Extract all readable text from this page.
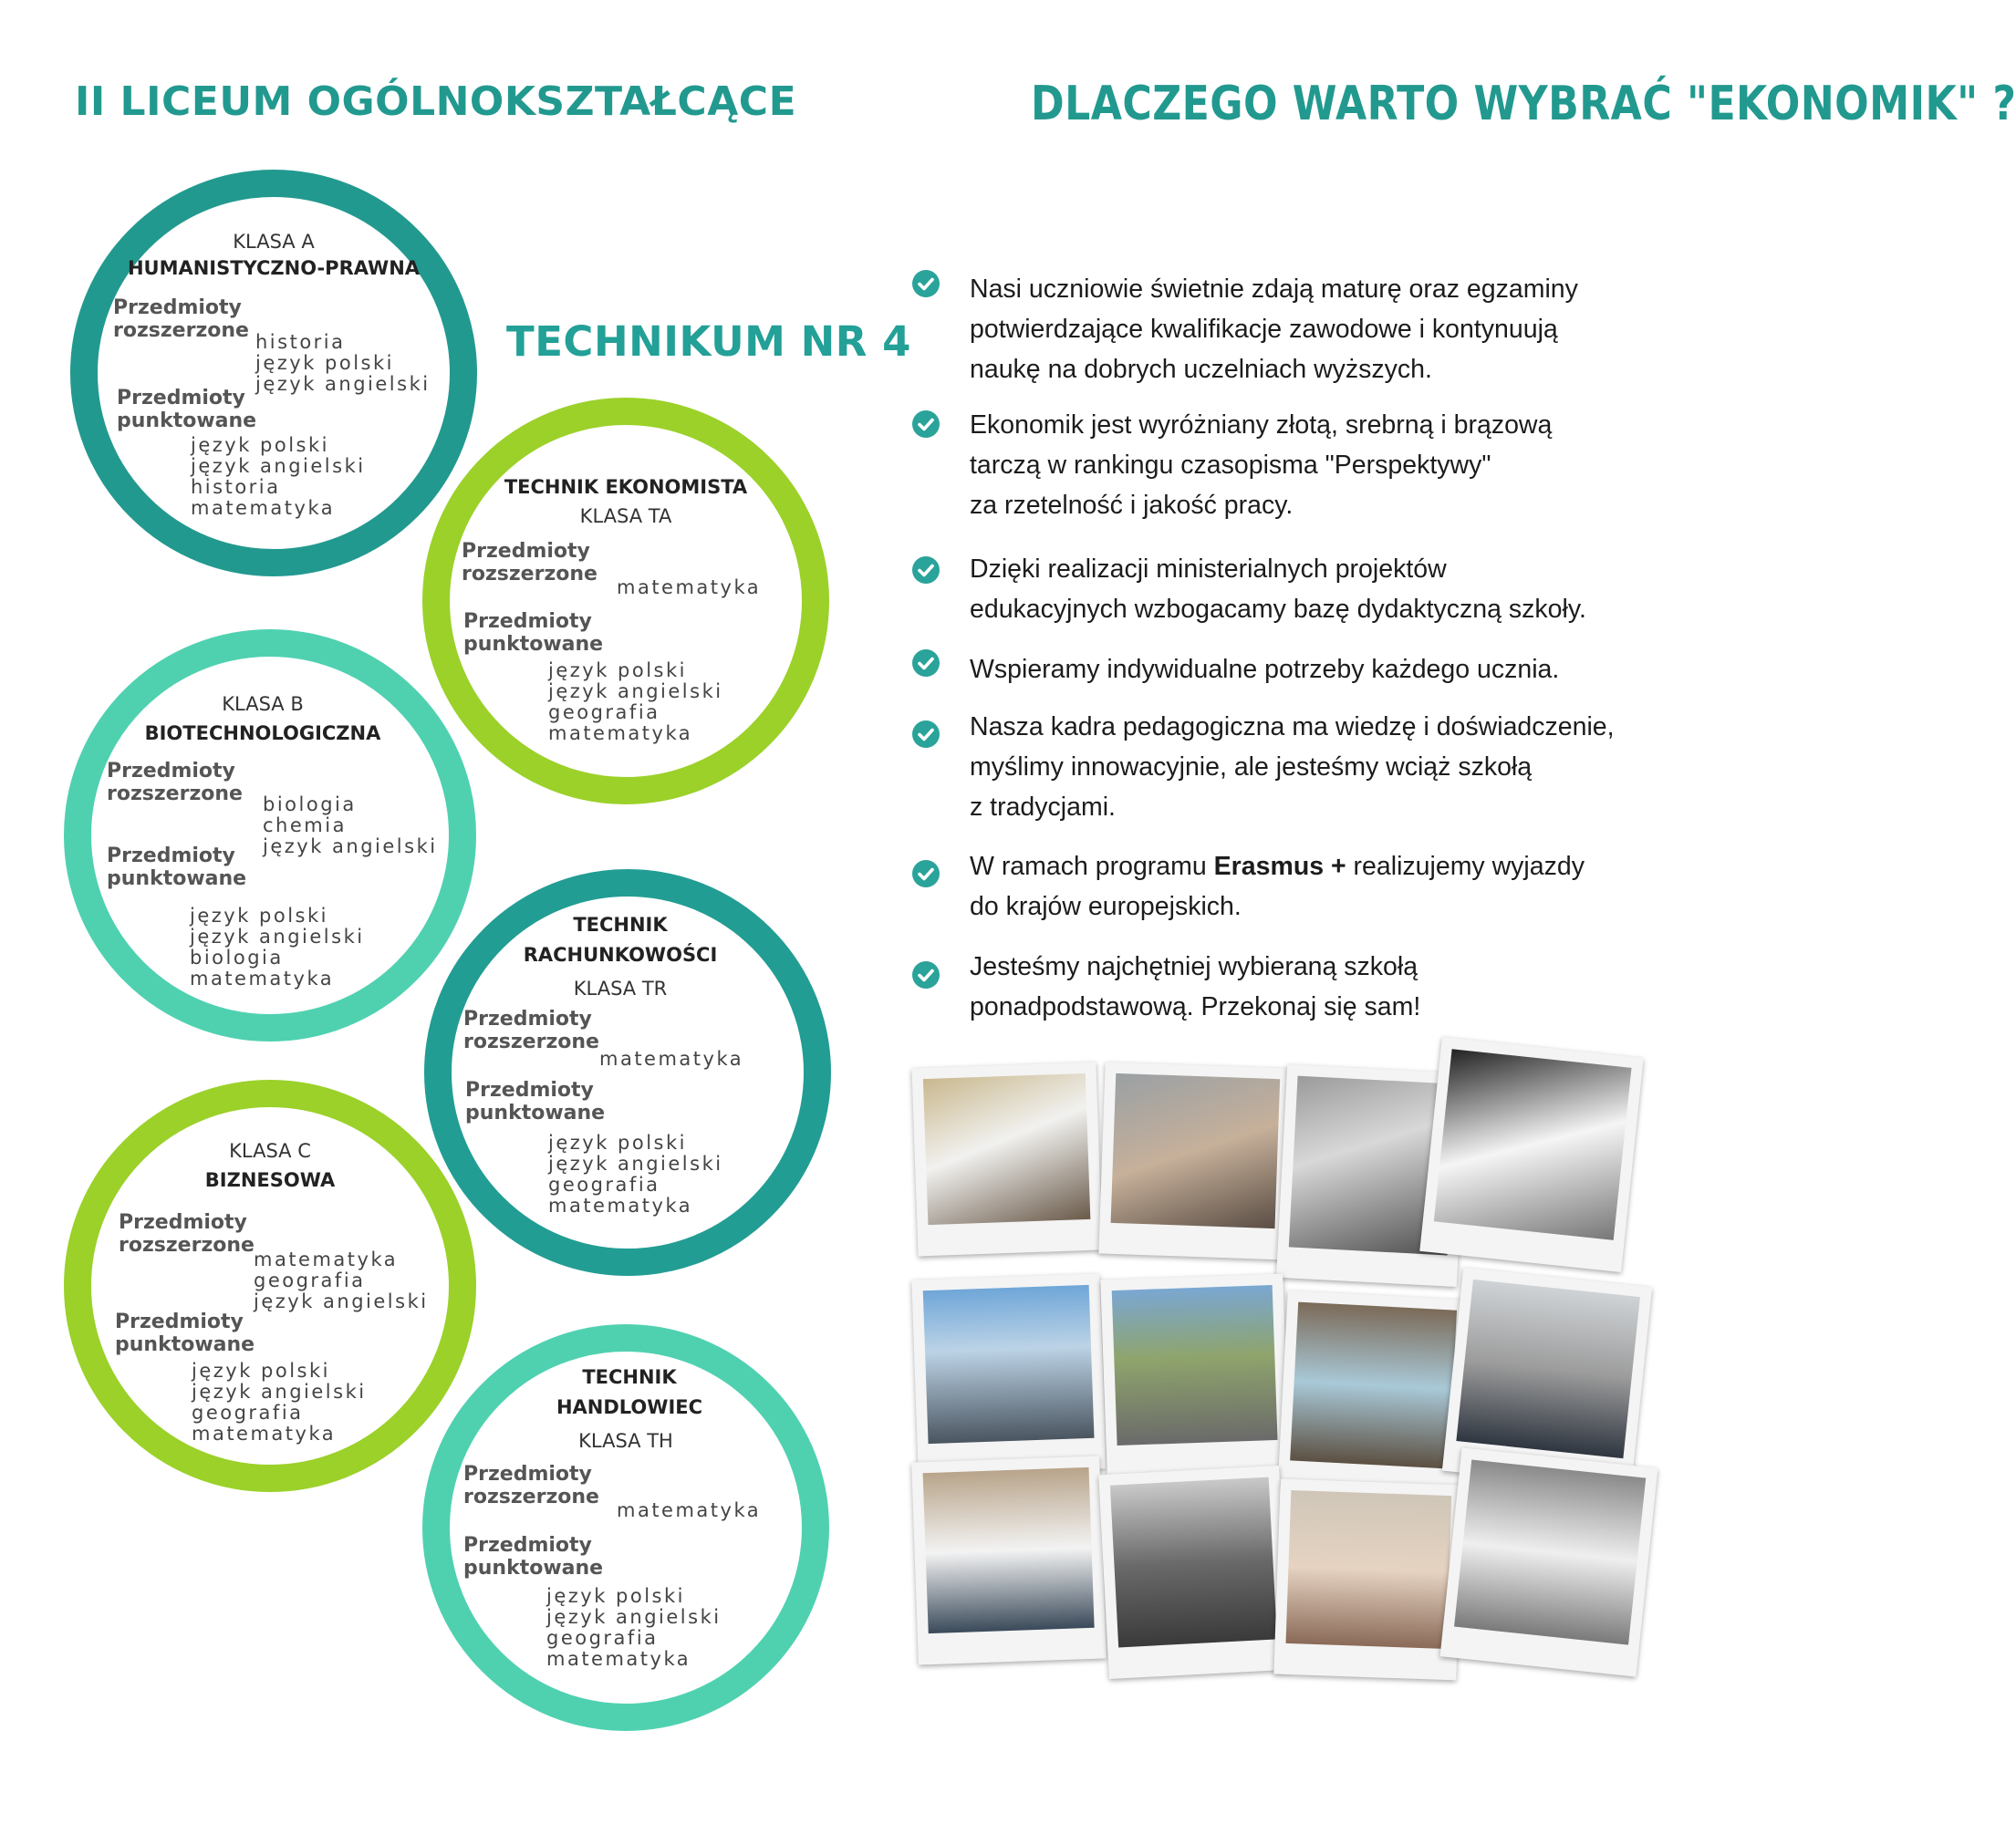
II LICEUM OGÓLNOKSZTAŁCĄCE
TECHNIKUM NR 4
DLACZEGO WARTO WYBRAĆ "EKONOMIK" ?
KLASA A
HUMANISTYCZNO-PRAWNA
Przedmioty
rozszerzone historia
język polski
język angielski
Przedmioty
punktowane
język polski
język angielski
historia
matematyka
TECHNIK EKONOMISTA
KLASA TA
Przedmioty
rozszerzone
matematyka
Przedmioty
punktowane
język polski
język angielski
geografia
matematyka
KLASA B
BIOTECHNOLOGICZNA
Przedmioty
rozszerzone biologia
chemia
język angielski
Przedmioty
punktowane
język polski
język angielski
biologia
matematyka
TECHNIK RACHUNKOWOŚCI
KLASA TR
Przedmioty
rozszerzone
matematyka
Przedmioty
punktowane
język polski
język angielski
geografia
matematyka
KLASA C
BIZNESOWA
Przedmioty
rozszerzone
matematyka
geografia
język angielski
Przedmioty
punktowane
język polski
język angielski
geografia
matematyka
TECHNIK HANDLOWIEC
KLASA TH
Przedmioty
rozszerzone
matematyka
Przedmioty
punktowane
język polski
język angielski
geografia
matematyka
Nasi uczniowie świetnie zdają maturę oraz egzaminy
potwierdzające kwalifikacje zawodowe i kontynuują
naukę na dobrych uczelniach wyższych.
Ekonomik jest wyróżniany złotą, srebrną i brązową
tarczą w rankingu czasopisma "Perspektywy"
za rzetelność i jakość pracy.
Dzięki realizacji ministerialnych projektów
edukacyjnych wzbogacamy bazę dydaktyczną szkoły.
Wspieramy indywidualne potrzeby każdego ucznia.
Nasza kadra pedagogiczna ma wiedzę i doświadczenie,
myślimy innowacyjnie, ale jesteśmy wciąż szkołą
z tradycjami.
W ramach programu Erasmus + realizujemy wyjazdy
do krajów europejskich.
Jesteśmy najchętniej wybieraną szkołą
ponadpodstawową. Przekonaj się sam!
